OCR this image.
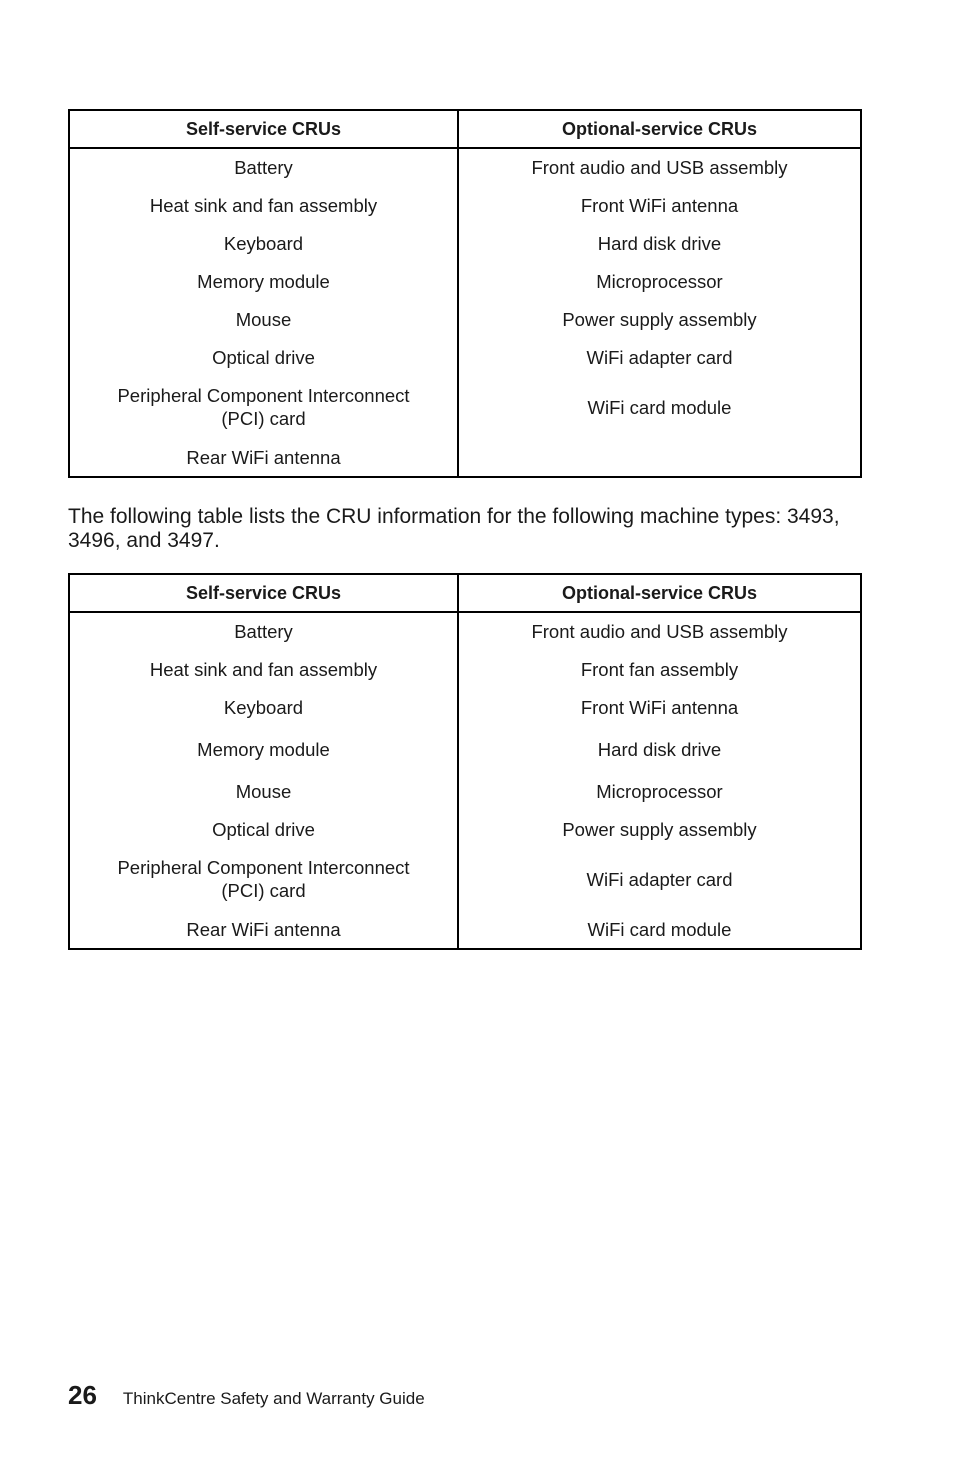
Self-service CRUs	Optional-service CRUs
Battery	Front audio and USB assembly
Heat sink and fan assembly	Front WiFi antenna
Keyboard	Hard disk drive
Memory module	Microprocessor
Mouse	Power supply assembly
Optical drive	WiFi adapter card
Peripheral Component Interconnect (PCI) card	WiFi card module
Rear WiFi antenna	

The following table lists the CRU information for the following machine types: 3493, 3496, and 3497.

Self-service CRUs	Optional-service CRUs
Battery	Front audio and USB assembly
Heat sink and fan assembly	Front fan assembly
Keyboard	Front WiFi antenna
Memory module	Hard disk drive
Mouse	Microprocessor
Optical drive	Power supply assembly
Peripheral Component Interconnect (PCI) card	WiFi adapter card
Rear WiFi antenna	WiFi card module
26 ThinkCentre Safety and Warranty Guide
